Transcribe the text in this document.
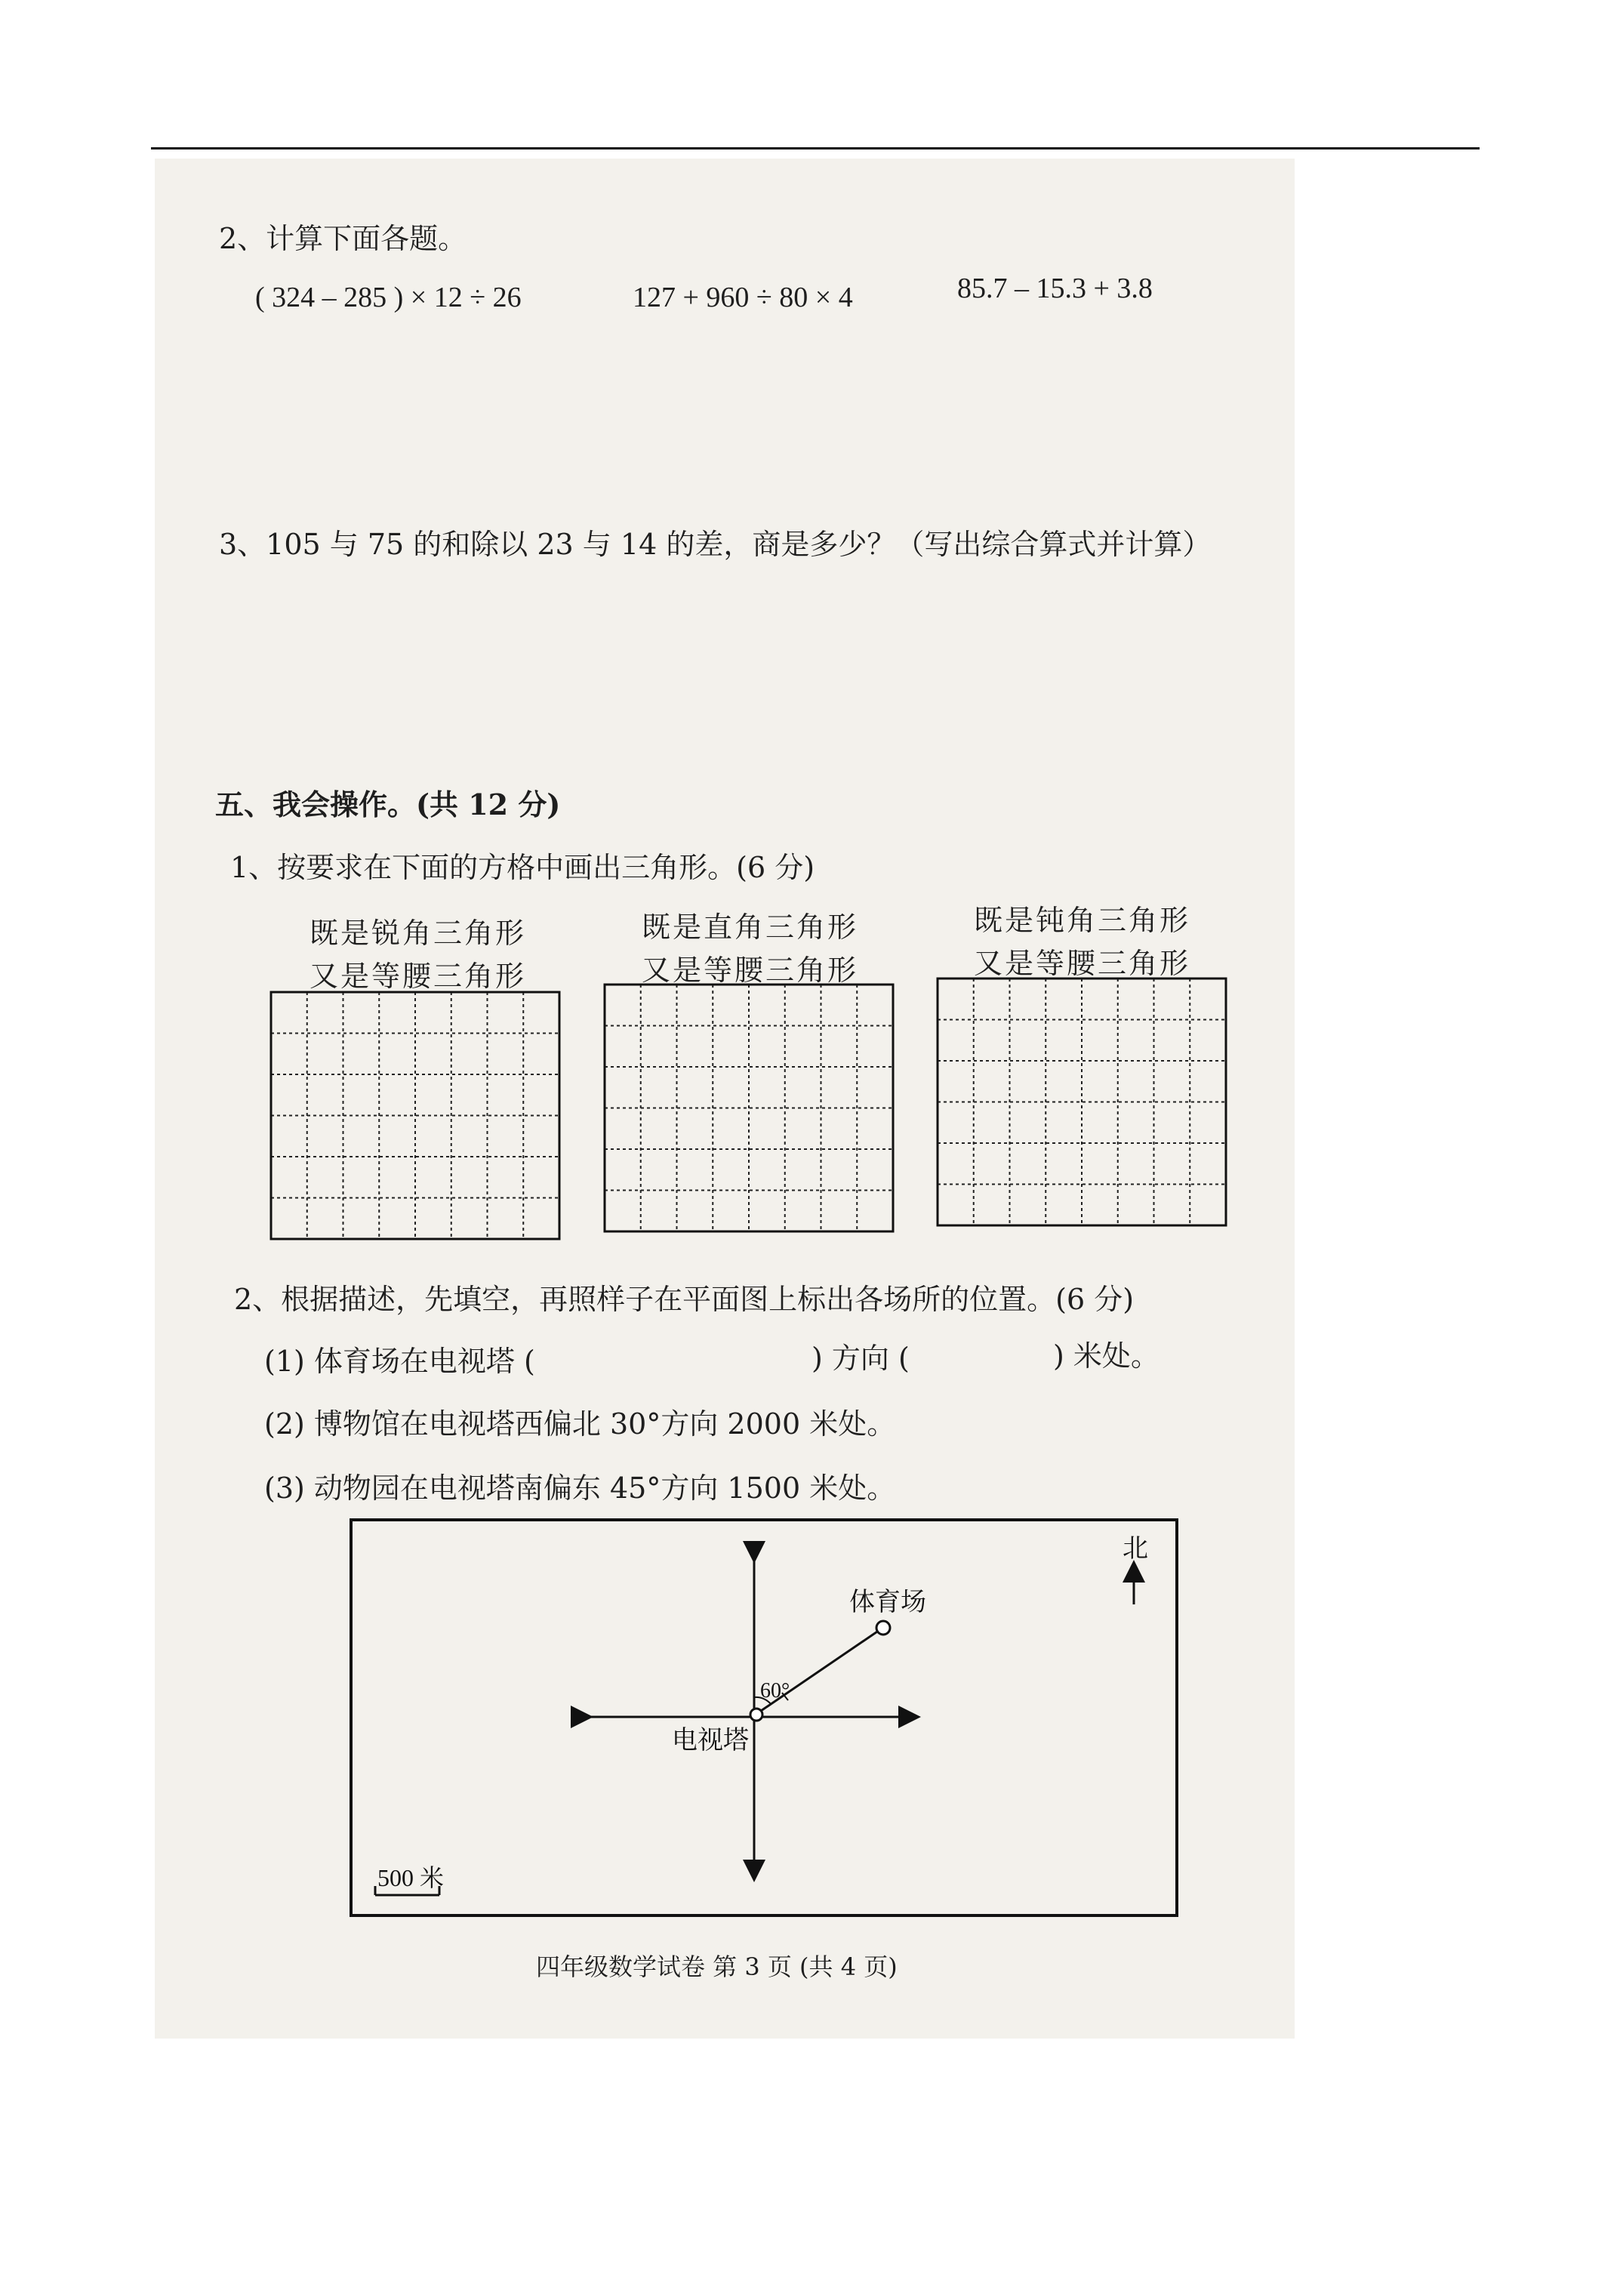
2、计算下面各题。
( 324 – 285 ) × 12 ÷ 26	127 + 960 ÷ 80 × 4	85.7 – 15.3 + 3.8
3、105 与 75 的和除以 23 与 14 的差，商是多少？（写出综合算式并计算）
五、我会操作。(共 12 分)
1、按要求在下面的方格中画出三角形。(6 分)
既是锐角三角形
又是等腰三角形
既是直角三角形
又是等腰三角形
既是钝角三角形
又是等腰三角形
2、根据描述，先填空，再照样子在平面图上标出各场所的位置。(6 分)
(1) 体育场在电视塔 (	) 方向 (	) 米处。
(2) 博物馆在电视塔西偏北 30°方向 2000 米处。
(3) 动物园在电视塔南偏东 45°方向 1500 米处。
北
体育场
电视塔
60°
500 米
四年级数学试卷 第 3 页 (共 4 页)
